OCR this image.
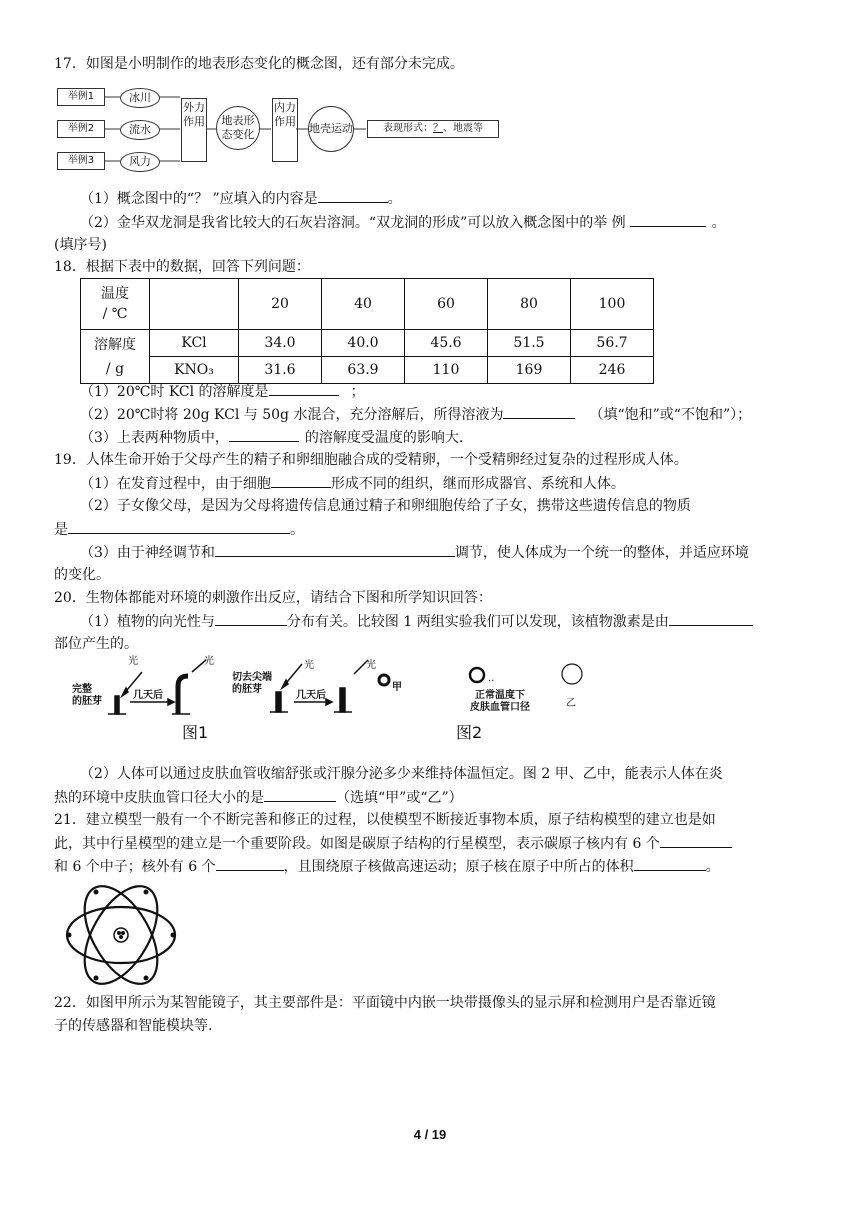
17．如图是小明制作的地表形态变化的概念图，还有部分未完成。
举例1
举例2
举例3
冰川
流水
风力
外力作用	地表形态变化
内力作用
地壳运动	表现形式：？、地震等
（1）概念图中的“？ ”应填入的内容是	。
（2）金华双龙洞是我省比较大的石灰岩溶洞。“双龙洞的形成”可以放入概念图中的举 例	。
(填序号)
18．根据下表中的数据，回答下列问题：
温度
/ ℃		20	40	60	80	100
溶解度
/ g	KCl	34.0	40.0	45.6	51.5	56.7
	KNO₃	31.6	63.9	110	169	246
（1）20℃时 KCl 的溶解度是	；
（2）20℃时将 20g KCl 与 50g 水混合，充分溶解后，所得溶液为	（填“饱和”或“不饱和”）；
（3）上表两种物质中，	的溶解度受温度的影响大.
19．人体生命开始于父母产生的精子和卵细胞融合成的受精卵，一个受精卵经过复杂的过程形成人体。
（1）在发育过程中，由于细胞	形成不同的组织，继而形成器官、系统和人体。
（2）子女像父母，是因为父母将遗传信息通过精子和卵细胞传给了子女，携带这些遗传信息的物质
是	。
（3）由于神经调节和	调节，使人体成为一个统一的整体，并适应环境
的变化。
20．生物体都能对环境的刺激作出反应，请结合下图和所学知识回答：
（1）植物的向光性与	分布有关。比较图 1 两组实验我们可以发现，该植物激素是由
部位产生的。
光	光	光	光
完整
的胚芽
几天后
切去尖端
的胚芽
几天后
甲
图1
··
正常温度下
皮肤血管口径	乙
图2
（2）人体可以通过皮肤血管收缩舒张或汗腺分泌多少来维持体温恒定。图 2 甲、乙中，能表示人体在炎
热的环境中皮肤血管口径大小的是	（选填“甲”或“乙”）
21．建立模型一般有一个不断完善和修正的过程，以使模型不断接近事物本质，原子结构模型的建立也是如
此，其中行星模型的建立是一个重要阶段。如图是碳原子结构的行星模型，表示碳原子核内有 6 个
和 6 个中子；核外有 6 个	，且围绕原子核做高速运动；原子核在原子中所占的体积	。
22．如图甲所示为某智能镜子，其主要部件是：平面镜中内嵌一块带摄像头的显示屏和检测用户是否靠近镜
子的传感器和智能模块等.
4 / 19
